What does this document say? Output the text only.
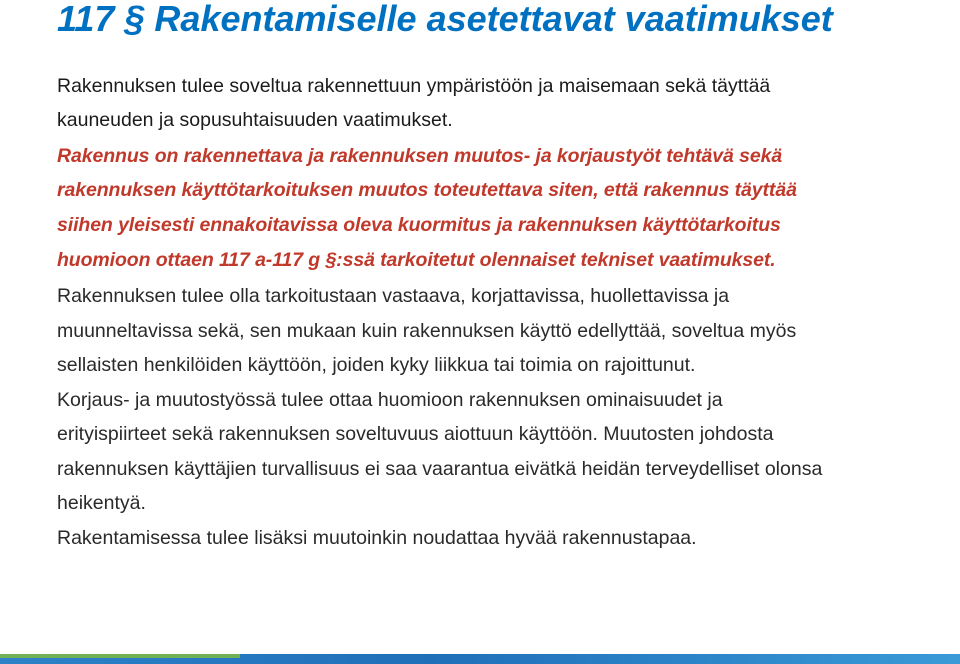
117 § Rakentamiselle asetettavat vaatimukset

Rakennuksen tulee soveltua rakennettuun ympäristöön ja maisemaan sekä täyttää

kauneuden ja sopusuhtaisuuden vaatimukset.

Rakennus on rakennettava ja rakennuksen muutos- ja korjaustyöt tehtävä sekä

rakennuksen käyttötarkoituksen muutos toteutettava siten, että rakennus täyttää

siihen yleisesti ennakoitavissa oleva kuormitus ja rakennuksen käyttötarkoitus

huomioon ottaen 117 a-117 g §:ssä tarkoitetut olennaiset tekniset vaatimukset.

Rakennuksen tulee olla tarkoitustaan vastaava, korjattavissa, huollettavissa ja

muunneltavissa sekä, sen mukaan kuin rakennuksen käyttö edellyttää, soveltua myös

sellaisten henkilöiden käyttöön, joiden kyky liikkua tai toimia on rajoittunut.

Korjaus- ja muutostyössä tulee ottaa huomioon rakennuksen ominaisuudet ja

erityispiirteet sekä rakennuksen soveltuvuus aiottuun käyttöön. Muutosten johdosta

rakennuksen käyttäjien turvallisuus ei saa vaarantua eivätkä heidän terveydelliset olonsa

heikentyä.

Rakentamisessa tulee lisäksi muutoinkin noudattaa hyvää rakennustapaa.
